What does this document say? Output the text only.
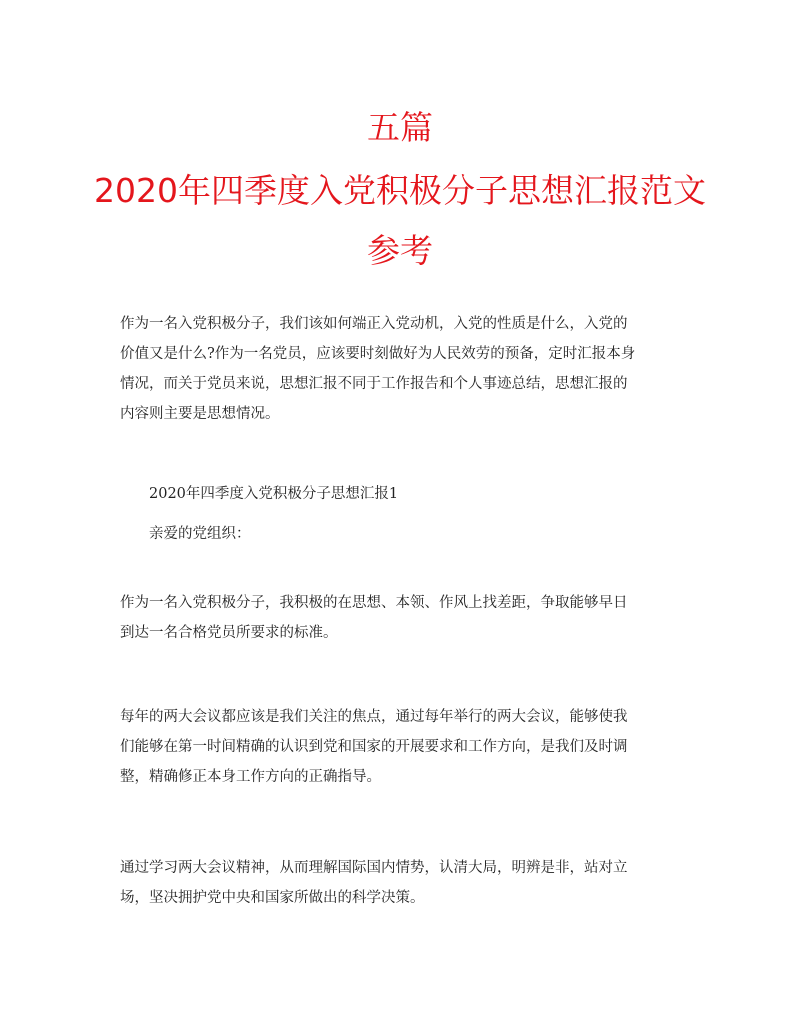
五篇
2020年四季度入党积极分子思想汇报范文
参考

作为一名入党积极分子，我们该如何端正入党动机，入党的性质是什么，入党的
价值又是什么?作为一名党员，应该要时刻做好为人民效劳的预备，定时汇报本身
情况，而关于党员来说，思想汇报不同于工作报告和个人事迹总结，思想汇报的
内容则主要是思想情况。

2020年四季度入党积极分子思想汇报1

亲爱的党组织：

作为一名入党积极分子，我积极的在思想、本领、作风上找差距，争取能够早日
到达一名合格党员所要求的标准。

每年的两大会议都应该是我们关注的焦点，通过每年举行的两大会议，能够使我
们能够在第一时间精确的认识到党和国家的开展要求和工作方向，是我们及时调
整，精确修正本身工作方向的正确指导。

通过学习两大会议精神，从而理解国际国内情势，认清大局，明辨是非，站对立
场，坚决拥护党中央和国家所做出的科学决策。
